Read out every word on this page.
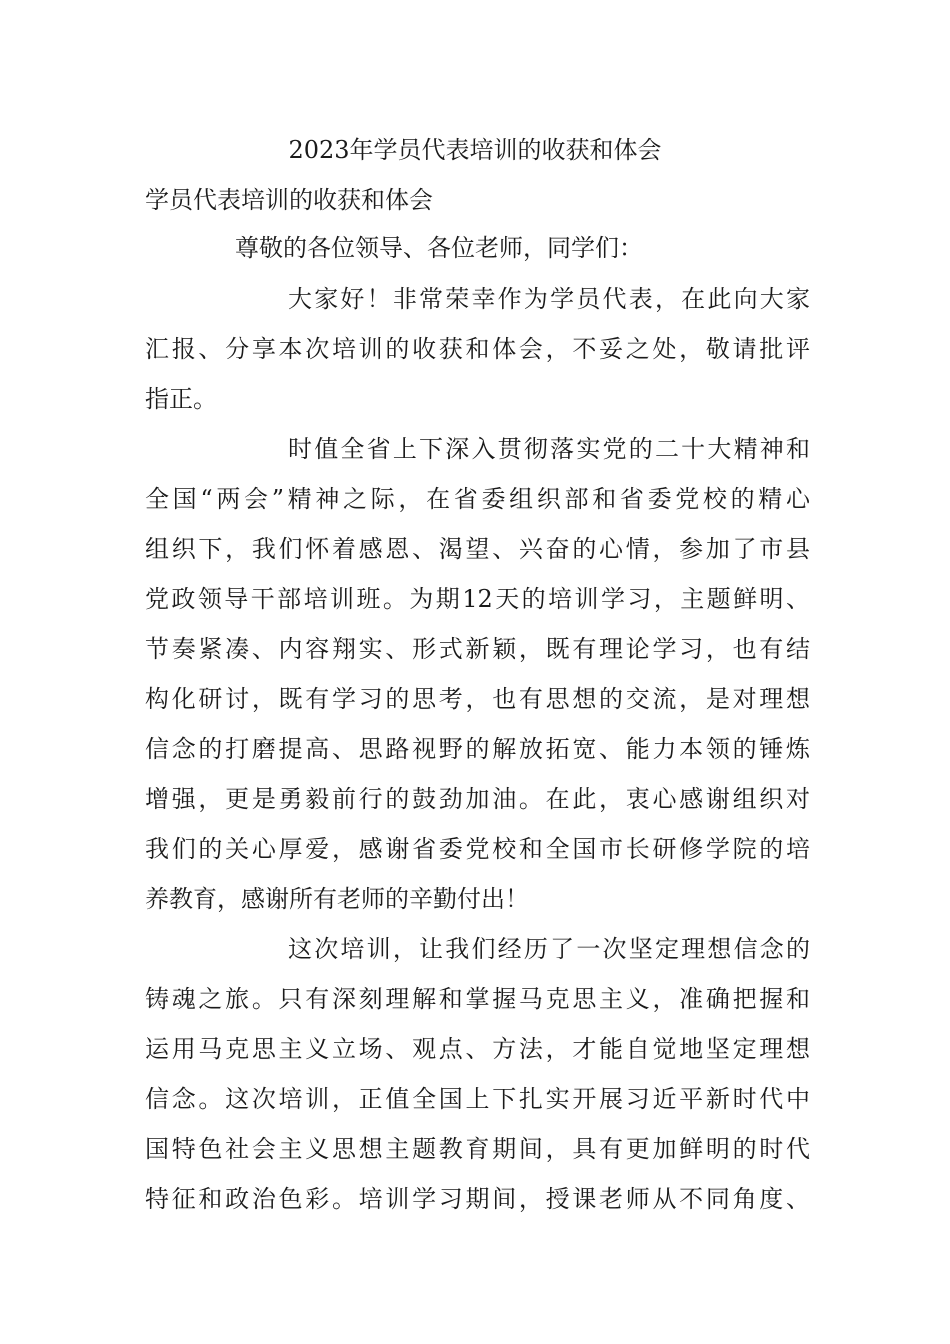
2023年学员代表培训的收获和体会
学员代表培训的收获和体会
尊敬的各位领导、各位老师，同学们：
大家好！非常荣幸作为学员代表，在此向大家
汇报、分享本次培训的收获和体会，不妥之处，敬请批评
指正。
时值全省上下深入贯彻落实党的二十大精神和
全国“两会”精神之际，在省委组织部和省委党校的精心
组织下，我们怀着感恩、渴望、兴奋的心情，参加了市县
党政领导干部培训班。为期12天的培训学习，主题鲜明、
节奏紧凑、内容翔实、形式新颖，既有理论学习，也有结
构化研讨，既有学习的思考，也有思想的交流，是对理想
信念的打磨提高、思路视野的解放拓宽、能力本领的锤炼
增强，更是勇毅前行的鼓劲加油。在此，衷心感谢组织对
我们的关心厚爱，感谢省委党校和全国市长研修学院的培
养教育，感谢所有老师的辛勤付出！
这次培训，让我们经历了一次坚定理想信念的
铸魂之旅。只有深刻理解和掌握马克思主义，准确把握和
运用马克思主义立场、观点、方法，才能自觉地坚定理想
信念。这次培训，正值全国上下扎实开展习近平新时代中
国特色社会主义思想主题教育期间，具有更加鲜明的时代
特征和政治色彩。培训学习期间，授课老师从不同角度、
